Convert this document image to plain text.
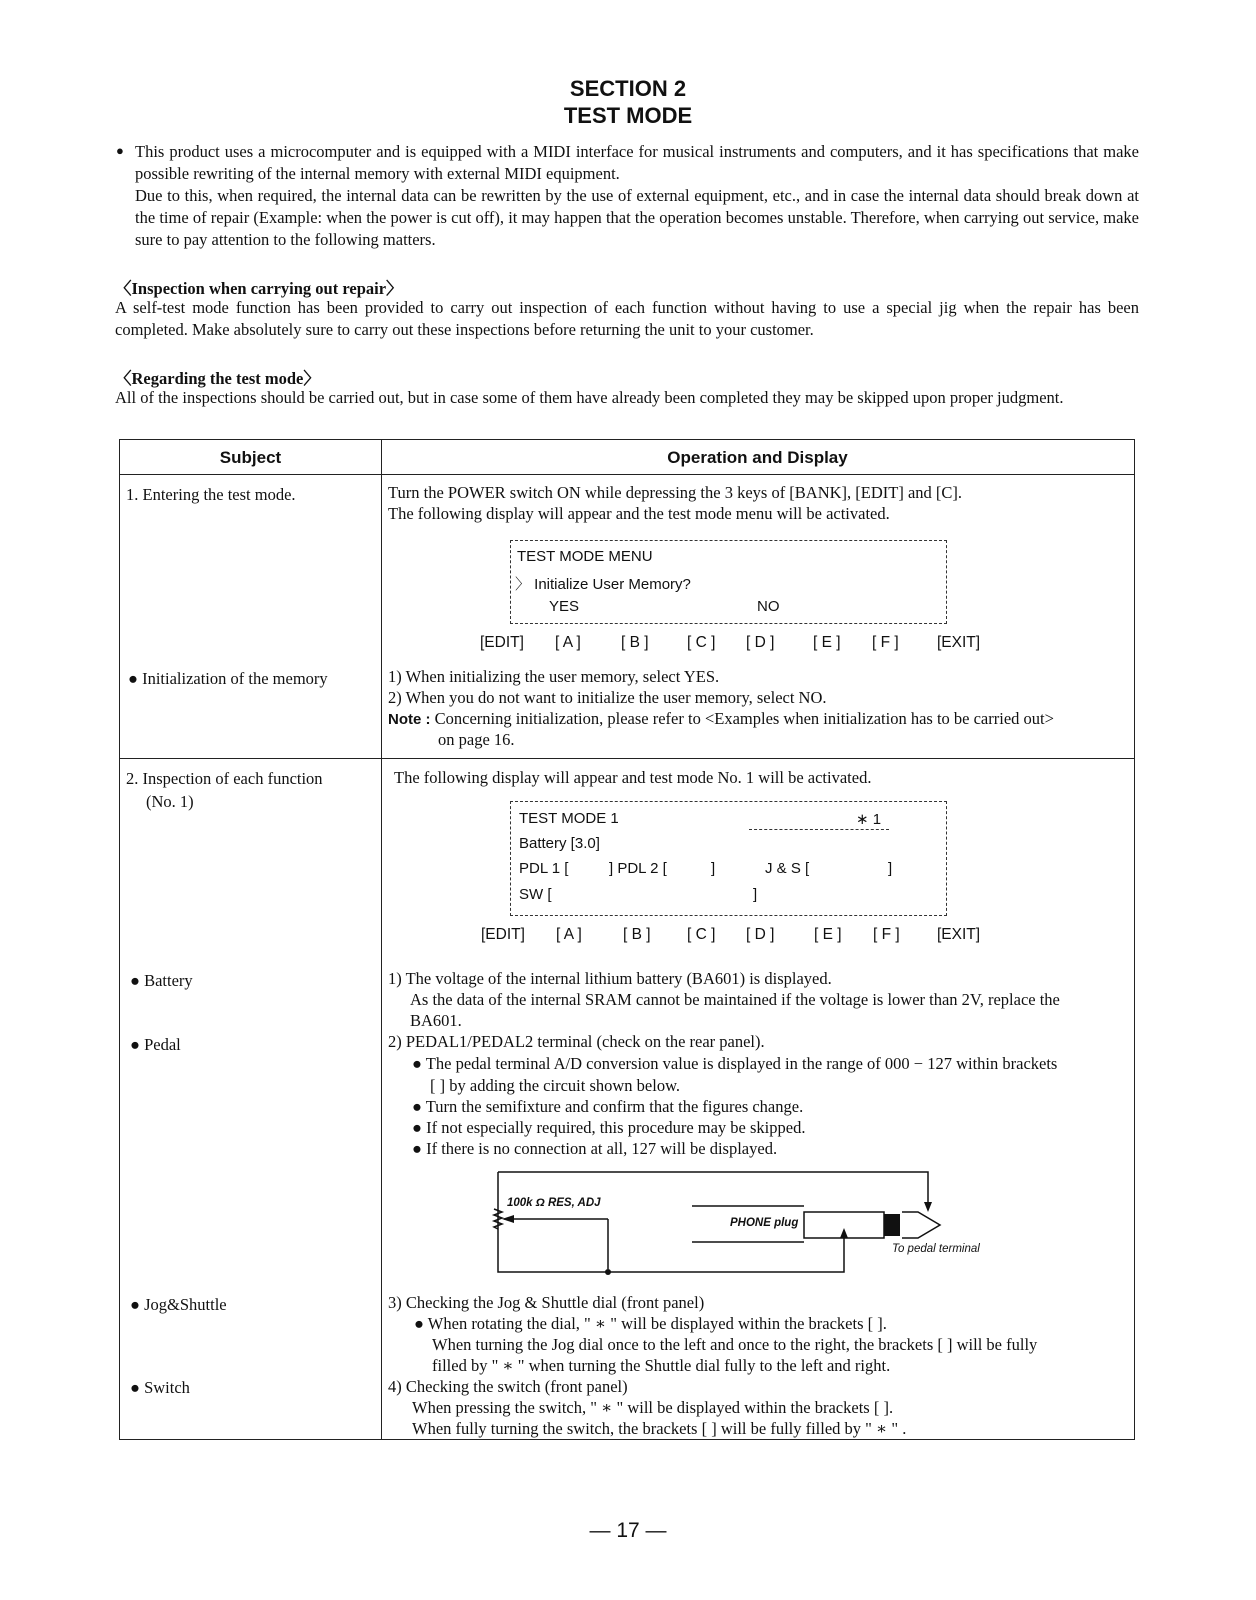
SECTION 2
TEST MODE
● This product uses a microcomputer and is equipped with a MIDI interface for musical instruments and computers, and it has specifications that make possible rewriting of the internal memory with external MIDI equipment.
Due to this, when required, the internal data can be rewritten by the use of external equipment, etc., and in case the internal data should break down at the time of repair (Example: when the power is cut off), it may happen that the operation becomes unstable. Therefore, when carrying out service, make sure to pay attention to the following matters.
〈Inspection when carrying out repair〉
A self-test mode function has been provided to carry out inspection of each function without having to use a special jig when the repair has been completed. Make absolutely sure to carry out these inspections before returning the unit to your customer.
〈Regarding the test mode〉
All of the inspections should be carried out, but in case some of them have already been completed they may be skipped upon proper judgment.
Subject	Operation and Display
1. Entering the test mode.	Turn the POWER switch ON while depressing the 3 keys of [BANK], [EDIT] and [C].
The following display will appear and the test mode menu will be activated.
TEST MODE MENU
〉 Initialize User Memory?
YES	NO
[EDIT] [ A ]	[ B ] [ C ] [ D ] [ E ] [ F ] [EXIT]
● Initialization of the memory	1) When initializing the user memory, select YES.
2) When you do not want to initialize the user memory, select NO.
Note : Concerning initialization, please refer to <Examples when initialization has to be carried out>
on page 16.
2. Inspection of each function
(No. 1)
The following display will appear and test mode No. 1 will be activated.
TEST MODE 1	∗ 1
Battery [3.0]
PDL 1 [	] PDL 2 [	]	J & S [	]
SW [	]
[EDIT] [ A ]	[ B ] [ C ] [ D ]	[ E ] [ F ] [EXIT]
● Battery	1) The voltage of the internal lithium battery (BA601) is displayed.
As the data of the internal SRAM cannot be maintained if the voltage is lower than 2V, replace the
BA601.
● Pedal	2) PEDAL1/PEDAL2 terminal (check on the rear panel).
● The pedal terminal A/D conversion value is displayed in the range of 000 − 127 within brackets
[ ] by adding the circuit shown below.
● Turn the semifixture and confirm that the figures change.
● If not especially required, this procedure may be skipped.
● If there is no connection at all, 127 will be displayed.
100k Ω RES, ADJ
PHONE plug
To pedal terminal
● Jog&Shuttle	3) Checking the Jog & Shuttle dial (front panel)
● When rotating the dial, " ∗ " will be displayed within the brackets [ ].
When turning the Jog dial once to the left and once to the right, the brackets [ ] will be fully
filled by " ∗ " when turning the Shuttle dial fully to the left and right.
● Switch	4) Checking the switch (front panel)
When pressing the switch, " ∗ " will be displayed within the brackets [ ].
When fully turning the switch, the brackets [ ] will be fully filled by " ∗ " .
— 17 —
